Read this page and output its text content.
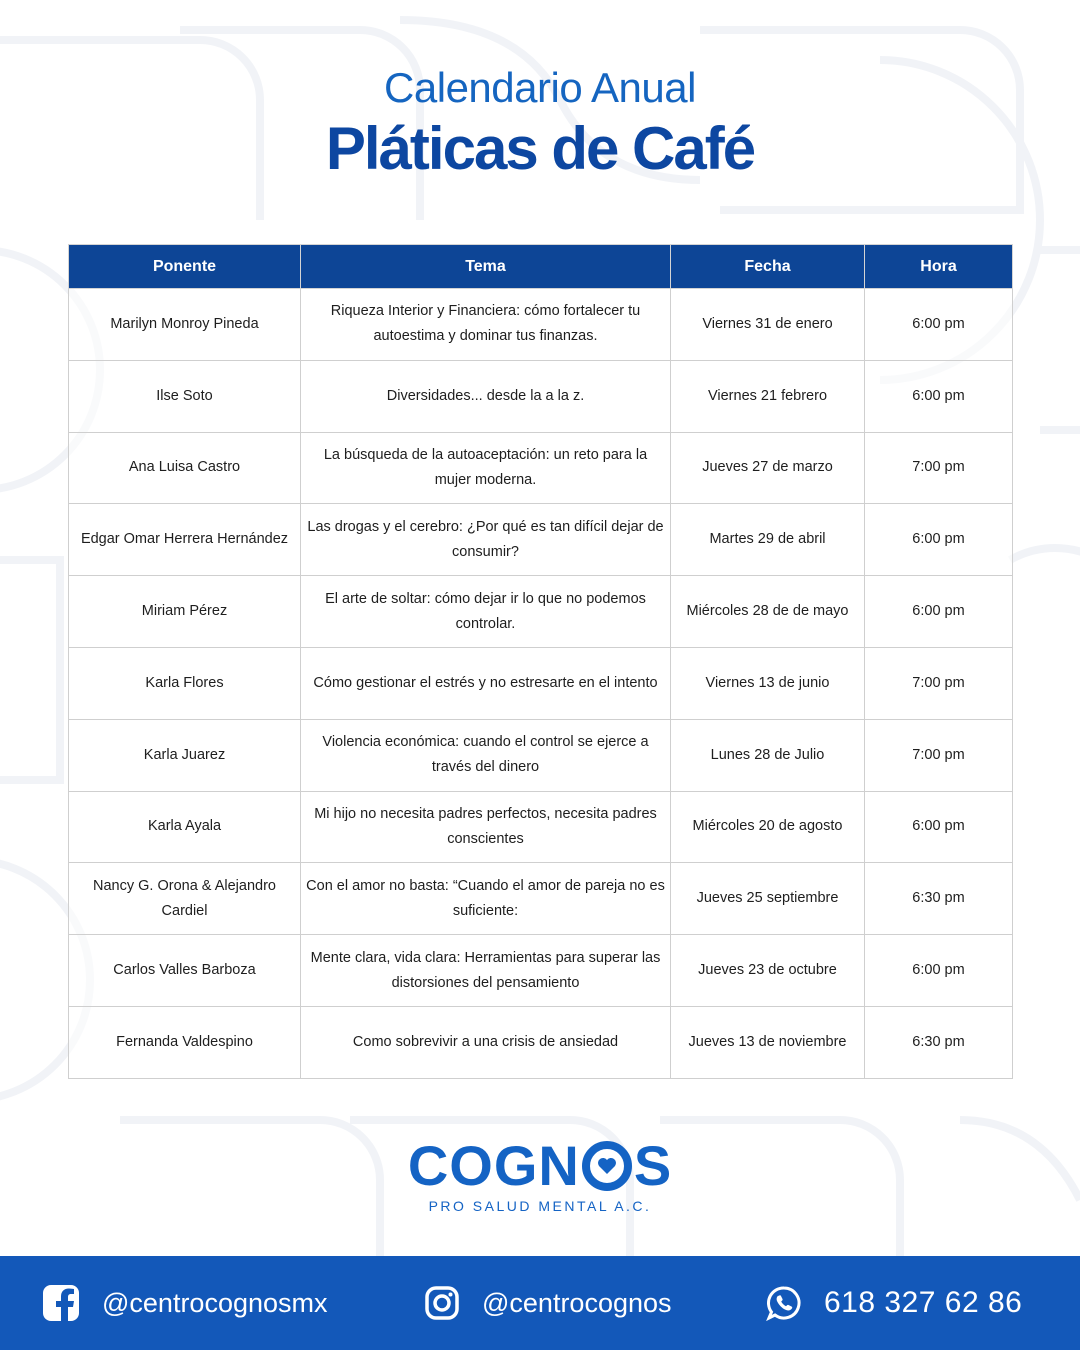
Calendario Anual
Pláticas de Café
Ponente	Tema	Fecha	Hora
Marilyn Monroy Pineda	Riqueza Interior y Financiera: cómo fortalecer tu autoestima y dominar tus finanzas.	Viernes 31 de enero	6:00 pm
Ilse Soto	Diversidades... desde la a la z.	Viernes 21 febrero	6:00 pm
Ana Luisa Castro	La búsqueda de la autoaceptación: un reto para la mujer moderna.	Jueves 27 de marzo	7:00 pm
Edgar Omar Herrera Hernández	Las drogas y el cerebro: ¿Por qué es tan difícil dejar de consumir?	Martes 29 de abril	6:00 pm
Miriam Pérez	El arte de soltar: cómo dejar ir lo que no podemos controlar.	Miércoles 28 de de mayo	6:00 pm
Karla Flores	Cómo gestionar el estrés y no estresarte en el intento	Viernes 13 de junio	7:00 pm
Karla Juarez	Violencia económica: cuando el control se ejerce a través del dinero	Lunes 28 de Julio	7:00 pm
Karla Ayala	Mi hijo no necesita padres perfectos, necesita padres conscientes	Miércoles 20 de agosto	6:00 pm
Nancy G. Orona & Alejandro Cardiel	Con el amor no basta: “Cuando el amor de pareja no es suficiente:	Jueves 25 septiembre	6:30 pm
Carlos Valles Barboza	Mente clara, vida clara: Herramientas para superar las distorsiones del pensamiento	Jueves 23 de octubre	6:00 pm
Fernanda Valdespino	Como sobrevivir a una crisis de ansiedad	Jueves 13 de noviembre	6:30 pm
COGN S
PRO SALUD MENTAL A.C.
@centrocognosmx	@centrocognos	618 327 62 86
